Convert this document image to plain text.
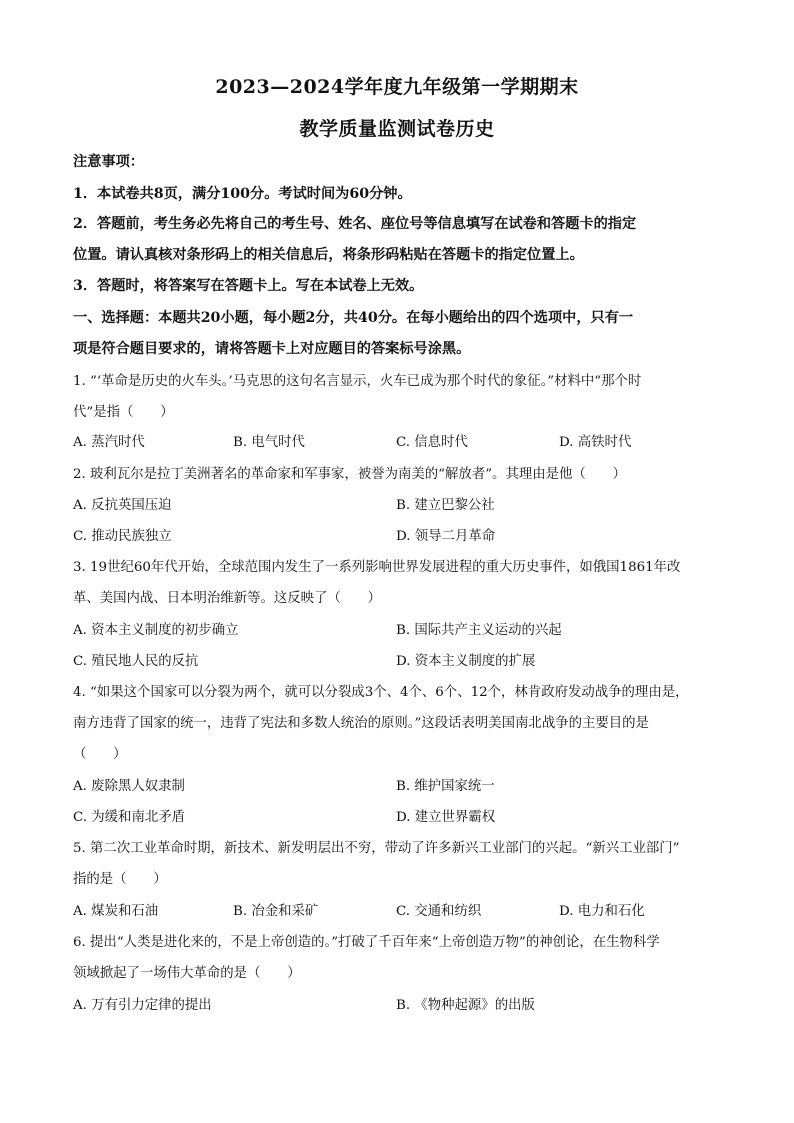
2023—2024学年度九年级第一学期期末
教学质量监测试卷历史
注意事项：
1．本试卷共8页，满分100分。考试时间为60分钟。
2．答题前，考生务必先将自己的考生号、姓名、座位号等信息填写在试卷和答题卡的指定
位置。请认真核对条形码上的相关信息后，将条形码粘贴在答题卡的指定位置上。
3．答题时，将答案写在答题卡上。写在本试卷上无效。
一、选择题：本题共20小题，每小题2分，共40分。在每小题给出的四个选项中，只有一
项是符合题目要求的，请将答题卡上对应题目的答案标号涂黑。
1. “‘革命是历史的火车头。’马克思的这句名言显示，火车已成为那个时代的象征。”材料中“那个时
代”是指（　　）
A. 蒸汽时代	B. 电气时代	C. 信息时代	D. 高铁时代
2. 玻利瓦尔是拉丁美洲著名的革命家和军事家，被誉为南美的“解放者”。其理由是他（　　）
A. 反抗英国压迫	B. 建立巴黎公社
C. 推动民族独立	D. 领导二月革命
3. 19世纪60年代开始，全球范围内发生了一系列影响世界发展进程的重大历史事件，如俄国1861年改
革、美国内战、日本明治维新等。这反映了（　　）
A. 资本主义制度的初步确立	B. 国际共产主义运动的兴起
C. 殖民地人民的反抗	D. 资本主义制度的扩展
4. “如果这个国家可以分裂为两个，就可以分裂成3个、4个、6个、12个，林肯政府发动战争的理由是，
南方违背了国家的统一，违背了宪法和多数人统治的原则。”这段话表明美国南北战争的主要目的是
（　　）
A. 废除黑人奴隶制	B. 维护国家统一
C. 为缓和南北矛盾	D. 建立世界霸权
5. 第二次工业革命时期，新技术、新发明层出不穷，带动了许多新兴工业部门的兴起。“新兴工业部门”
指的是（　　）
A. 煤炭和石油	B. 冶金和采矿	C. 交通和纺织	D. 电力和石化
6. 提出“人类是进化来的，不是上帝创造的。”打破了千百年来“上帝创造万物”的神创论，在生物科学
领域掀起了一场伟大革命的是（　　）
A. 万有引力定律的提出	B. 《物种起源》的出版
